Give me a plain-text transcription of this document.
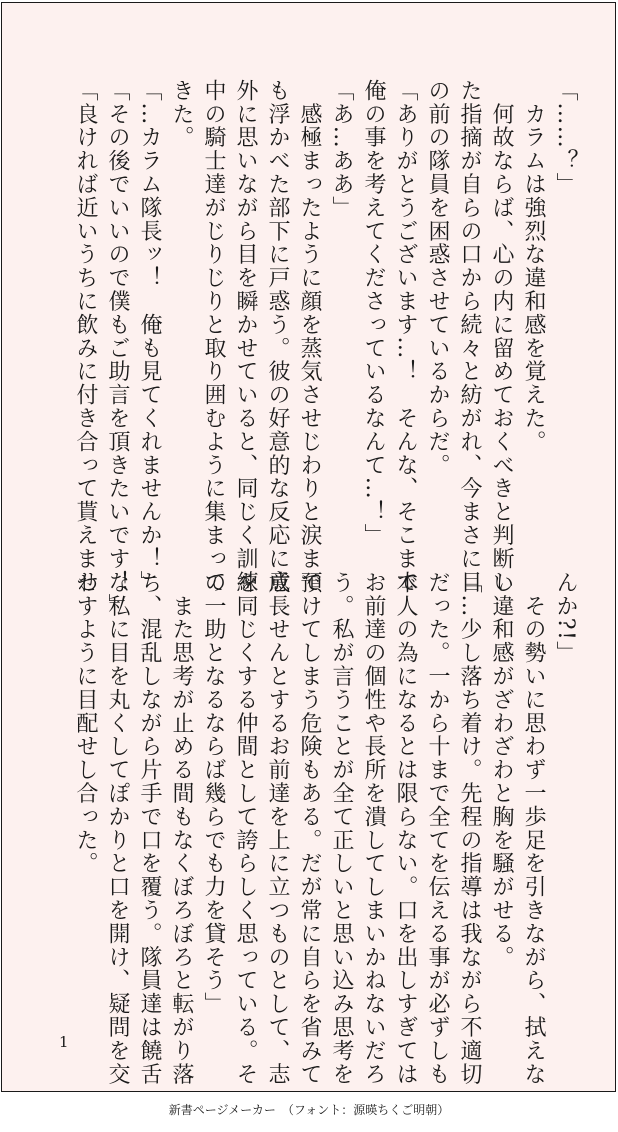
「……？」
　カラムは強烈な違和感を覚えた。
　何故ならば、心の内に留めておくべきと判断し
た指摘が自らの口から続々と紡がれ、今まさに目
の前の隊員を困惑させているからだ。
「ありがとうございます…！　そんな、そこまで
俺の事を考えてくださっているなんて…！」
「あ…ああ」
　感極まったように顔を蒸気させじわりと涙まで
も浮かべた部下に戸惑う。彼の好意的な反応に意
外に思いながら目を瞬かせていると、同じく訓練
中の騎士達がじりじりと取り囲むように集まって
きた。
「…カラム隊長ッ！　俺も見てくれませんか！」
「その後でいいので僕もご助言を頂きたいです！」
「良ければ近いうちに飲みに付き合って貰えませ
んか?!」
　その勢いに思わず一歩足を引きながら、拭えな
い違和感がざわざわと胸を騒がせる。
「…少し落ち着け。先程の指導は我ながら不適切
だった。一から十まで全てを伝える事が必ずしも
本人の為になるとは限らない。口を出しすぎては
お前達の個性や長所を潰してしまいかねないだろ
う。私が言うことが全て正しいと思い込み思考を
預けてしまう危険もある。だが常に自らを省みて
成長せんとするお前達を上に立つものとして、志
を同じくする仲間として誇らしく思っている。そ
の一助となるならば幾らでも力を貸そう」
　また思考が止める間もなくぼろぼろと転がり落
ち、混乱しながら片手で口を覆う。隊員達は饒舌
な私に目を丸くしてぽかりと口を開け、疑問を交
わすように目配せし合った。
1
新書ページメーカー　（フォント：源暎ちくご明朝）
